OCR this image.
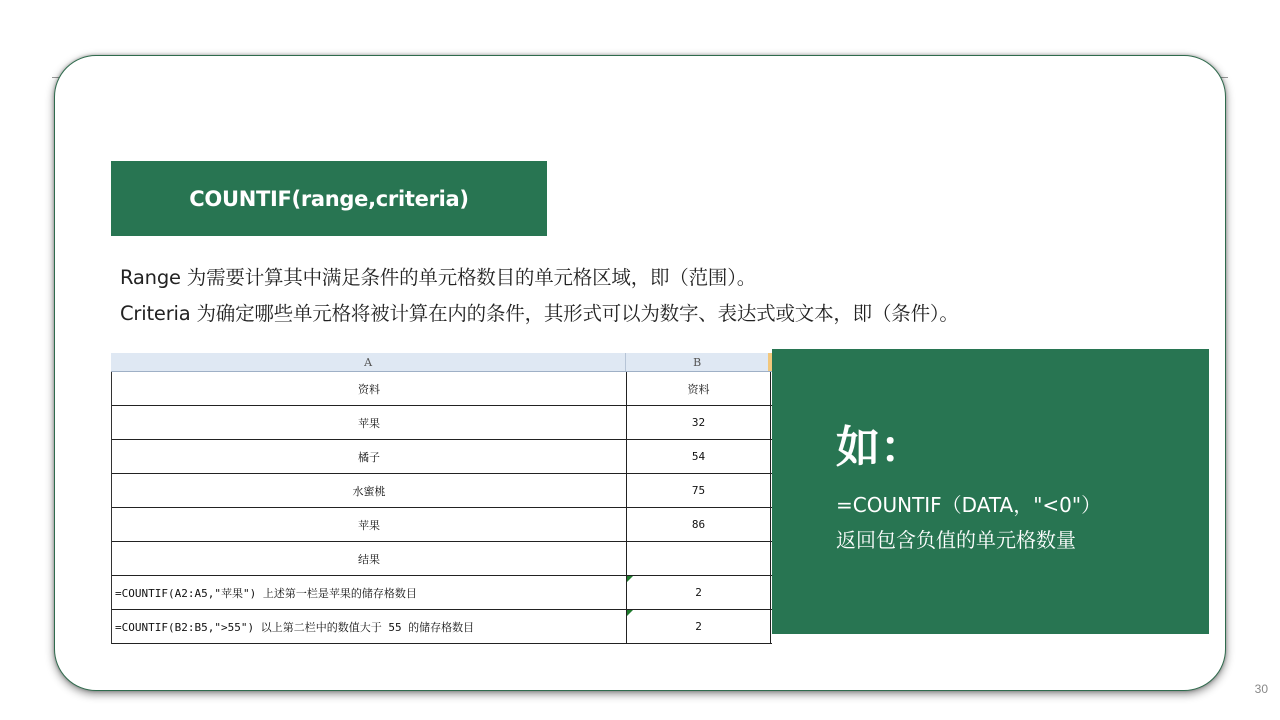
COUNTIF(range,criteria)
Range 为需要计算其中满足条件的单元格数目的单元格区域，即（范围）。
Criteria 为确定哪些单元格将被计算在内的条件，其形式可以为数字、表达式或文本，即（条件）。
A	B
资料	资料
苹果	32
橘子	54
水蜜桃	75
苹果	86
结果
=COUNTIF(A2:A5,"苹果") 上述第一栏是苹果的储存格数目	2
=COUNTIF(B2:B5,">55") 以上第二栏中的数值大于 55 的储存格数目	2
如：
=COUNTIF（DATA，"<0"）
返回包含负值的单元格数量
30
